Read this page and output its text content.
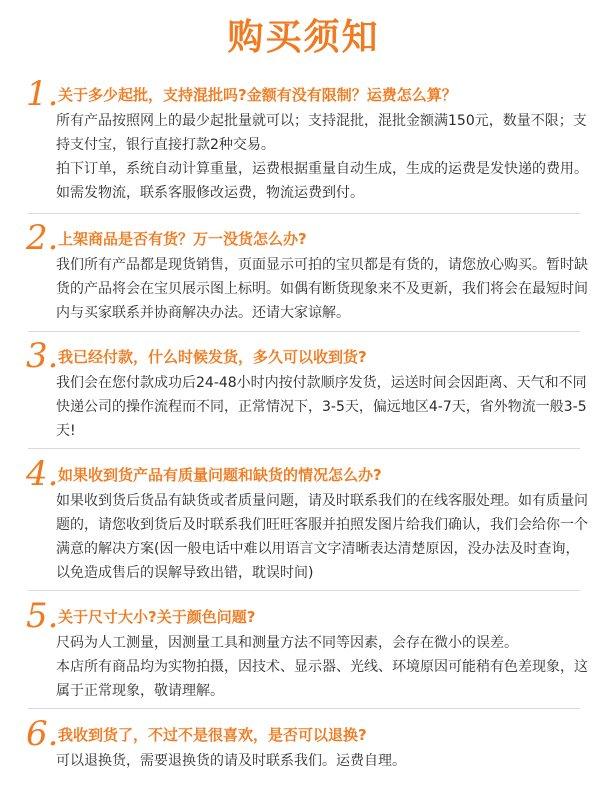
购买须知
1. 关于多少起批，支持混批吗?金额有没有限制？运费怎么算？

所有产品按照网上的最少起批量就可以；支持混批，混批金额满150元，数量不限；支持支付宝，银行直接打款2种交易。

拍下订单，系统自动计算重量，运费根据重量自动生成，生成的运费是发快递的费用。如需发物流，联系客服修改运费，物流运费到付。

2. 上架商品是否有货？万一没货怎么办?

我们所有产品都是现货销售，页面显示可拍的宝贝都是有货的，请您放心购买。暂时缺货的产品将会在宝贝展示图上标明。如偶有断货现象来不及更新，我们将会在最短时间内与买家联系并协商解决办法。还请大家谅解。

3. 我已经付款，什么时候发货，多久可以收到货?

我们会在您付款成功后24-48小时内按付款顺序发货，运送时间会因距离、天气和不同快递公司的操作流程而不同，正常情况下，3-5天，偏远地区4-7天，省外物流一般3-5天!

4. 如果收到货产品有质量问题和缺货的情况怎么办?

如果收到货后货品有缺货或者质量问题，请及时联系我们的在线客服处理。如有质量问题的，请您收到货后及时联系我们旺旺客服并拍照发图片给我们确认，我们会给你一个满意的解决方案(因一般电话中难以用语言文字清晰表达清楚原因，没办法及时查询，以免造成售后的误解导致出错，耽误时间)

5. 关于尺寸大小?关于颜色问题?

尺码为人工测量，因测量工具和测量方法不同等因素，会存在微小的误差。

本店所有商品均为实物拍摄，因技术、显示器、光线、环境原因可能稍有色差现象，这属于正常现象，敬请理解。

6. 我收到货了，不过不是很喜欢，是否可以退换?

可以退换货，需要退换货的请及时联系我们。运费自理。
